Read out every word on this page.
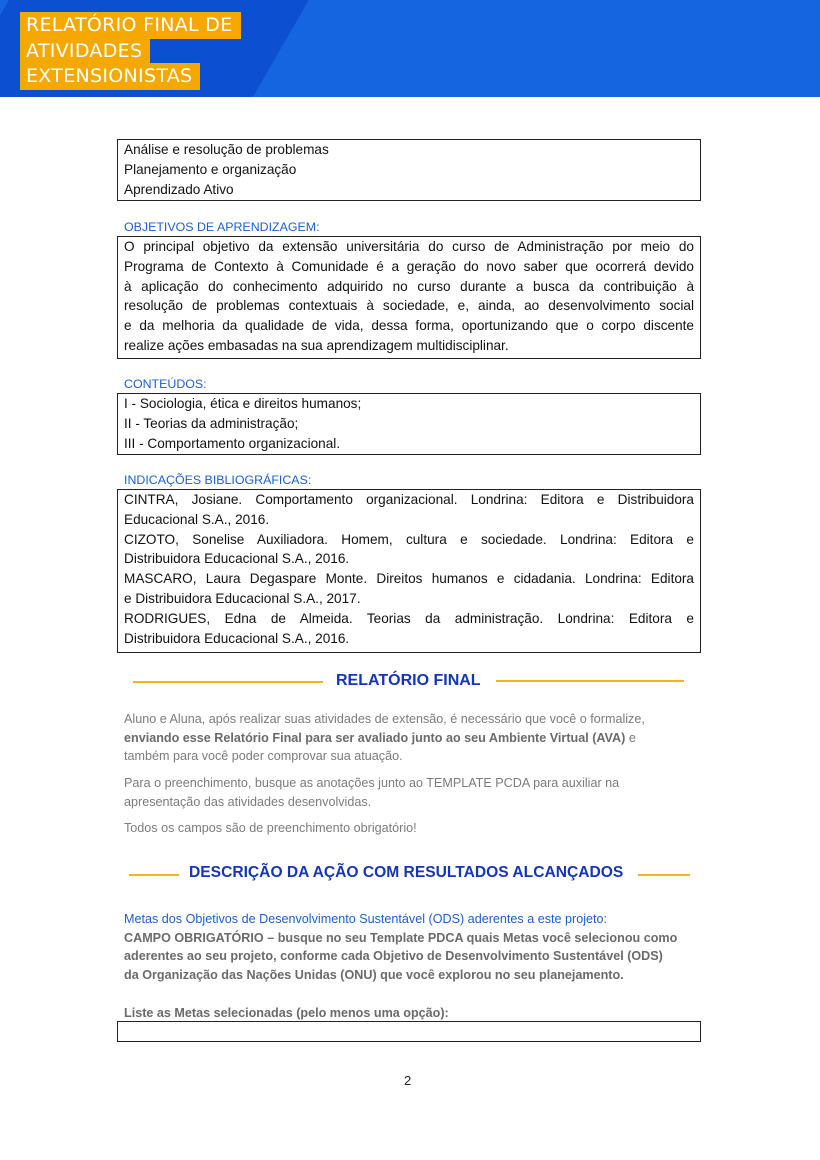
RELATÓRIO FINAL DE
ATIVIDADES
EXTENSIONISTAS
Análise e resolução de problemas
Planejamento e organização
Aprendizado Ativo
OBJETIVOS DE APRENDIZAGEM:
O principal objetivo da extensão universitária do curso de Administração por meio do
Programa de Contexto à Comunidade é a geração do novo saber que ocorrerá devido
à aplicação do conhecimento adquirido no curso durante a busca da contribuição à
resolução de problemas contextuais à sociedade, e, ainda, ao desenvolvimento social
e da melhoria da qualidade de vida, dessa forma, oportunizando que o corpo discente
realize ações embasadas na sua aprendizagem multidisciplinar.
CONTEÚDOS:
I - Sociologia, ética e direitos humanos;
II - Teorias da administração;
III - Comportamento organizacional.
INDICAÇÕES BIBLIOGRÁFICAS:
CINTRA, Josiane. Comportamento organizacional. Londrina: Editora e Distribuidora
Educacional S.A., 2016.
CIZOTO, Sonelise Auxiliadora. Homem, cultura e sociedade. Londrina: Editora e
Distribuidora Educacional S.A., 2016.
MASCARO, Laura Degaspare Monte. Direitos humanos e cidadania. Londrina: Editora
e Distribuidora Educacional S.A., 2017.
RODRIGUES, Edna de Almeida. Teorias da administração. Londrina: Editora e
Distribuidora Educacional S.A., 2016.
RELATÓRIO FINAL
Aluno e Aluna, após realizar suas atividades de extensão, é necessário que você o formalize,
enviando esse Relatório Final para ser avaliado junto ao seu Ambiente Virtual (AVA) e
também para você poder comprovar sua atuação.
Para o preenchimento, busque as anotações junto ao TEMPLATE PCDA para auxiliar na
apresentação das atividades desenvolvidas.
Todos os campos são de preenchimento obrigatório!
DESCRIÇÃO DA AÇÃO COM RESULTADOS ALCANÇADOS
Metas dos Objetivos de Desenvolvimento Sustentável (ODS) aderentes a este projeto:
CAMPO OBRIGATÓRIO – busque no seu Template PDCA quais Metas você selecionou como
aderentes ao seu projeto, conforme cada Objetivo de Desenvolvimento Sustentável (ODS)
da Organização das Nações Unidas (ONU) que você explorou no seu planejamento.
Liste as Metas selecionadas (pelo menos uma opção):
2
